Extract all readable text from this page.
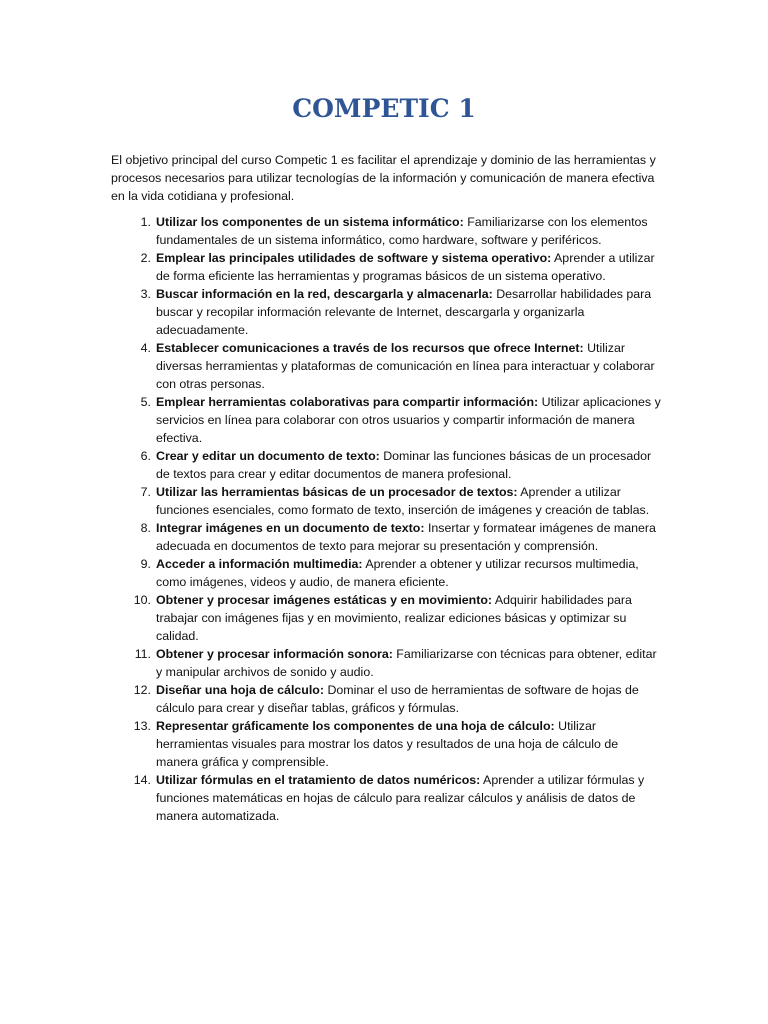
COMPETIC 1

El objetivo principal del curso Competic 1 es facilitar el aprendizaje y dominio de las herramientas y procesos necesarios para utilizar tecnologías de la información y comunicación de manera efectiva en la vida cotidiana y profesional.

1. Utilizar los componentes de un sistema informático: Familiarizarse con los elementos fundamentales de un sistema informático, como hardware, software y periféricos.
2. Emplear las principales utilidades de software y sistema operativo: Aprender a utilizar de forma eficiente las herramientas y programas básicos de un sistema operativo.
3. Buscar información en la red, descargarla y almacenarla: Desarrollar habilidades para buscar y recopilar información relevante de Internet, descargarla y organizarla adecuadamente.
4. Establecer comunicaciones a través de los recursos que ofrece Internet: Utilizar diversas herramientas y plataformas de comunicación en línea para interactuar y colaborar con otras personas.
5. Emplear herramientas colaborativas para compartir información: Utilizar aplicaciones y servicios en línea para colaborar con otros usuarios y compartir información de manera efectiva.
6. Crear y editar un documento de texto: Dominar las funciones básicas de un procesador de textos para crear y editar documentos de manera profesional.
7. Utilizar las herramientas básicas de un procesador de textos: Aprender a utilizar funciones esenciales, como formato de texto, inserción de imágenes y creación de tablas.
8. Integrar imágenes en un documento de texto: Insertar y formatear imágenes de manera adecuada en documentos de texto para mejorar su presentación y comprensión.
9. Acceder a información multimedia: Aprender a obtener y utilizar recursos multimedia, como imágenes, videos y audio, de manera eficiente.
10. Obtener y procesar imágenes estáticas y en movimiento: Adquirir habilidades para trabajar con imágenes fijas y en movimiento, realizar ediciones básicas y optimizar su calidad.
11. Obtener y procesar información sonora: Familiarizarse con técnicas para obtener, editar y manipular archivos de sonido y audio.
12. Diseñar una hoja de cálculo: Dominar el uso de herramientas de software de hojas de cálculo para crear y diseñar tablas, gráficos y fórmulas.
13. Representar gráficamente los componentes de una hoja de cálculo: Utilizar herramientas visuales para mostrar los datos y resultados de una hoja de cálculo de manera gráfica y comprensible.
14. Utilizar fórmulas en el tratamiento de datos numéricos: Aprender a utilizar fórmulas y funciones matemáticas en hojas de cálculo para realizar cálculos y análisis de datos de manera automatizada.
